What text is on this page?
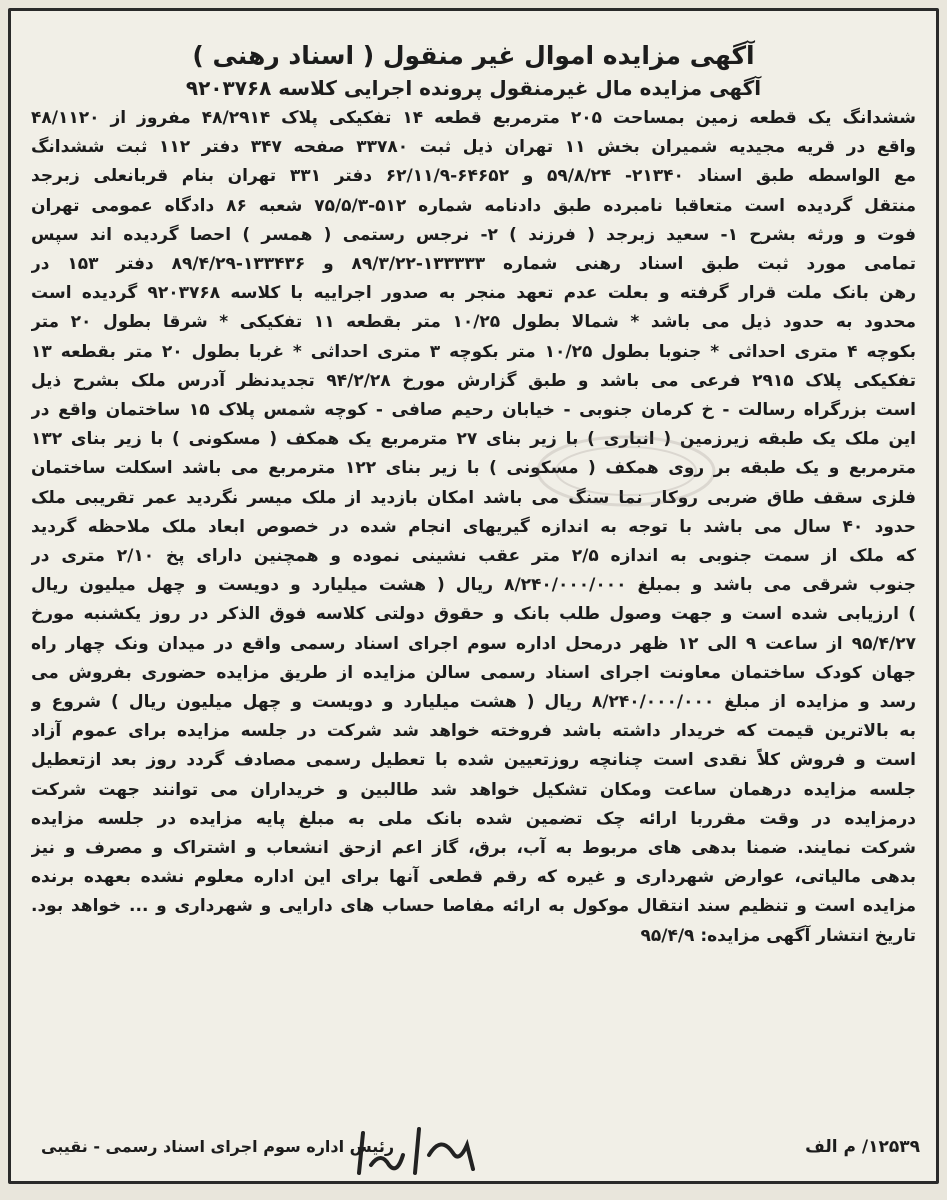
آگهی مزایده اموال غیر منقول ( اسناد رهنی )
آگهی مزایده مال غیرمنقول پرونده اجرایی کلاسه ۹۲۰۳۷۶۸
ششدانگ یک قطعه زمین بمساحت ۲۰۵ مترمربع قطعه ۱۴ تفکیکی پلاک ۴۸/۲۹۱۴ مفروز از ۴۸/۱۱۲۰
واقع در قریه مجیدیه شمیران بخش ۱۱ تهران ذیل ثبت ۳۳۷۸۰ صفحه ۳۴۷ دفتر ۱۱۲ ثبت ششدانگ
مع الواسطه طبق اسناد ۲۱۳۴۰- ۵۹/۸/۲۴ و ۶۴۶۵۲-۶۲/۱۱/۹ دفتر ۳۳۱ تهران بنام قربانعلی زبرجد
منتقل گردیده است متعاقبا نامبرده طبق دادنامه شماره ۵۱۲-۷۵/۵/۳ شعبه ۸۶ دادگاه عمومی تهران
فوت و ورثه بشرح ۱- سعید زبرجد ( فرزند ) ۲- نرجس رستمی ( همسر ) احصا گردیده اند سپس
تمامی مورد ثبت طبق اسناد رهنی شماره ۱۳۳۳۳۳-۸۹/۳/۲۲ و ۱۳۳۴۳۶-۸۹/۴/۲۹ دفتر ۱۵۳ در
رهن بانک ملت قرار گرفته و بعلت عدم تعهد منجر به صدور اجراییه با کلاسه ۹۲۰۳۷۶۸ گردیده است
محدود به حدود ذیل می باشد * شمالا بطول ۱۰/۲۵ متر بقطعه ۱۱ تفکیکی * شرقا بطول ۲۰ متر
بکوچه ۴ متری احداثی * جنوبا بطول ۱۰/۲۵ متر بکوچه ۳ متری احداثی * غربا بطول ۲۰ متر بقطعه ۱۳
تفکیکی پلاک ۲۹۱۵ فرعی می باشد و طبق گزارش مورخ ۹۴/۲/۲۸ تجدیدنظر آدرس ملک بشرح ذیل
است بزرگراه رسالت - خ کرمان جنوبی - خیابان رحیم صافی - کوچه شمس پلاک ۱۵ ساختمان واقع در
این ملک یک طبقه زیرزمین ( انباری ) با زیر بنای ۲۷ مترمربع یک همکف ( مسکونی ) با زیر بنای ۱۳۲
مترمربع و یک طبقه بر روی همکف ( مسکونی ) با زیر بنای ۱۲۲ مترمربع می باشد اسکلت ساختمان
فلزی سقف طاق ضربی روکار نما سنگ می باشد امکان بازدید از ملک میسر نگردید عمر تقریبی ملک
حدود ۴۰ سال می باشد با توجه به اندازه گیریهای انجام شده در خصوص ابعاد ملک ملاحظه گردید
که ملک از سمت جنوبی به اندازه ۲/۵ متر عقب نشینی نموده و همچنین دارای پخ ۲/۱۰ متری در
جنوب شرقی می باشد و بمبلغ ۸/۲۴۰/۰۰۰/۰۰۰ ریال ( هشت میلیارد و دویست و چهل میلیون ریال
) ارزیابی شده است و جهت وصول طلب بانک و حقوق دولتی کلاسه فوق الذکر در روز یکشنبه مورخ
۹۵/۴/۲۷ از ساعت ۹ الی ۱۲ ظهر درمحل اداره سوم اجرای اسناد رسمی واقع در میدان ونک چهار راه
جهان کودک ساختمان معاونت اجرای اسناد رسمی سالن مزایده از طریق مزایده حضوری بفروش می
رسد و مزایده از مبلغ ۸/۲۴۰/۰۰۰/۰۰۰ ریال ( هشت میلیارد و دویست و چهل میلیون ریال ) شروع و
به بالاترین قیمت که خریدار داشته باشد فروخته خواهد شد شرکت در جلسه مزایده برای عموم آزاد
است و فروش کلاً نقدی است چنانچه روزتعیین شده با تعطیل رسمی مصادف گردد روز بعد ازتعطیل
جلسه مزایده درهمان ساعت ومکان تشکیل خواهد شد طالبین و خریداران می توانند جهت شرکت
درمزایده در وقت مقرربا ارائه چک تضمین شده بانک ملی به مبلغ پایه مزایده در جلسه مزایده
شرکت نمایند. ضمنا بدهی های مربوط به آب، برق، گاز اعم ازحق انشعاب و اشتراک و مصرف و نیز
بدهی مالیاتی، عوارض شهرداری و غیره که رقم قطعی آنها برای این اداره معلوم نشده بعهده برنده
مزایده است و تنظیم سند انتقال موکول به ارائه مفاصا حساب های دارایی و شهرداری و ... خواهد بود.
تاریخ انتشار آگهی مزایده: ۹۵/۴/۹
۱۲۵۳۹/ م الف
رئیس اداره سوم اجرای اسناد رسمی - نقیبی
